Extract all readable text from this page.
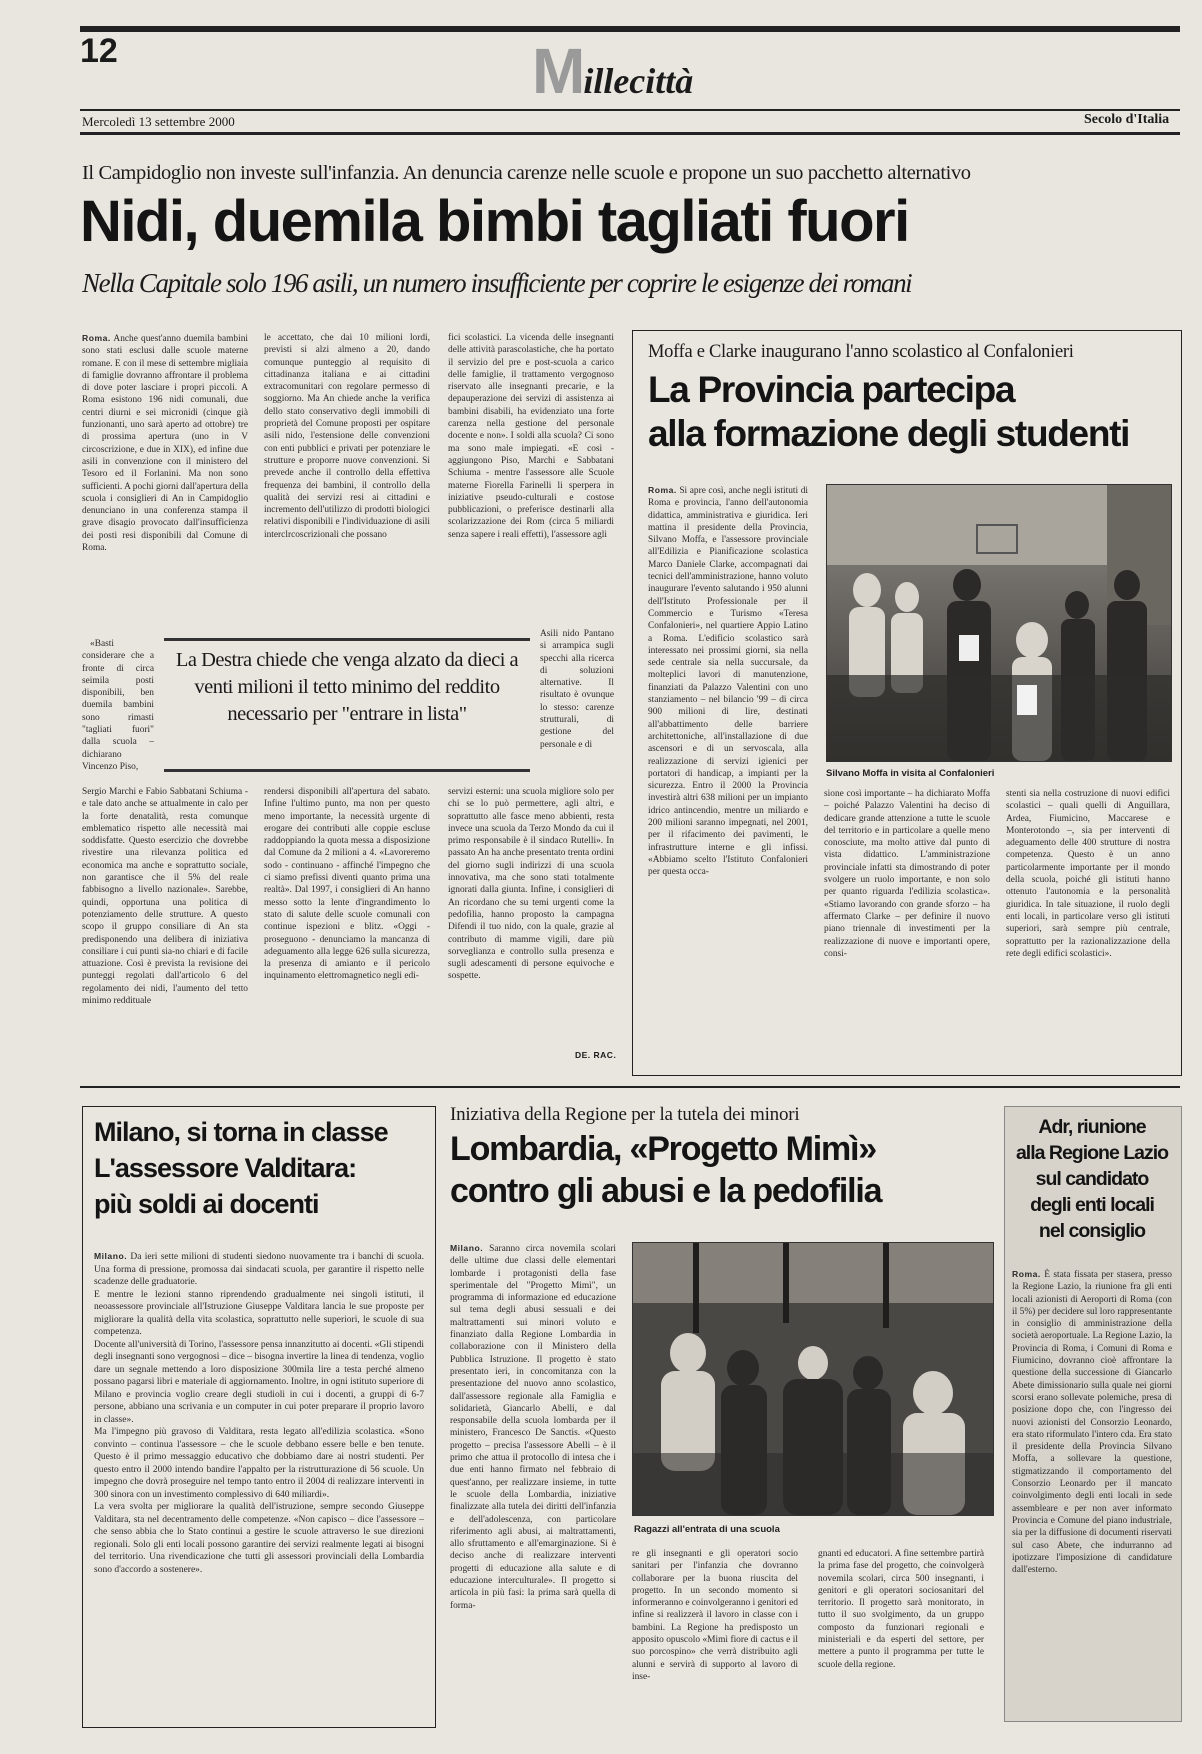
12	Millecittà
Mercoledì 13 settembre 2000	Secolo d'Italia
Il Campidoglio non investe sull'infanzia. An denuncia carenze nelle scuole e propone un suo pacchetto alternativo
Nidi, duemila bimbi tagliati fuori
Nella Capitale solo 196 asili, un numero insufficiente per coprire le esigenze dei romani

Roma. Anche quest'anno duemila bambini sono stati esclusi dalle scuole materne romane. E con il mese di settembre migliaia di famiglie dovranno affrontare il problema di dove poter lasciare i propri piccoli. A Roma esistono 196 nidi comunali, due centri diurni e sei micronidi (cinque già funzionanti, uno sarà aperto ad ottobre) tre di prossima apertura (uno in V circoscrizione, e due in XIX), ed infine due asili in convenzione con il ministero del Tesoro ed il Forlanini. Ma non sono sufficienti. A pochi giorni dall'apertura della scuola i consiglieri di An in Campidoglio denunciano in una conferenza stampa il grave disagio provocato dall'insufficienza dei posti resi disponibili dal Comune di Roma.

«Basti considerare che a fronte di circa seimila posti disponibili, ben duemila bambini sono rimasti "tagliati fuori" dalla scuola – dichiarano Vincenzo Piso,

Sergio Marchi e Fabio Sabbatani Schiuma - e tale dato anche se attualmente in calo per la forte denatalità, resta comunque emblematico rispetto alle necessità mai soddisfatte. Questo esercizio che dovrebbe rivestire una rilevanza politica ed economica ma anche e soprattutto sociale, non garantisce che il 5% del reale fabbisogno a livello nazionale». Sarebbe, quindi, opportuna una politica di potenziamento delle strutture. A questo scopo il gruppo consiliare di An sta predisponendo una delibera di iniziativa consiliare i cui punti sia-no chiari e di facile attuazione. Così è prevista la revisione dei punteggi regolati dall'articolo 6 del regolamento dei nidi, l'aumento del tetto minimo reddituale

le accettato, che dai 10 milioni lordi, previsti si alzi almeno a 20, dando comunque punteggio al requisito di cittadinanza italiana e ai cittadini extracomunitari con regolare permesso di soggiorno. Ma An chiede anche la verifica dello stato conservativo degli immobili di proprietà del Comune proposti per ospitare asili nido, l'estensione delle convenzioni con enti pubblici e privati per potenziare le strutture e proporre nuove convenzioni. Si prevede anche il controllo della effettiva frequenza dei bambini, il controllo della qualità dei servizi resi ai cittadini e incremento dell'utilizzo di prodotti biologici relativi disponibili e l'individuazione di asili interclrcoscrizionali che possano

rendersi disponibili all'apertura del sabato. Infine l'ultimo punto, ma non per questo meno importante, la necessità urgente di erogare dei contributi alle coppie escluse raddoppiando la quota messa a disposizione dal Comune da 2 milioni a 4. «Lavoreremo sodo - continuano - affinché l'impegno che ci siamo prefissi diventi quanto prima una realtà». Dal 1997, i consiglieri di An hanno messo sotto la lente d'ingrandimento lo stato di salute delle scuole comunali con continue ispezioni e blitz. «Oggi - proseguono - denunciamo la mancanza di adeguamento alla legge 626 sulla sicurezza, la presenza di amianto e il pericolo inquinamento elettromagnetico negli edi-

fici scolastici. La vicenda delle insegnanti delle attività parascolastiche, che ha portato il servizio del pre e post-scuola a carico delle famiglie, il trattamento vergognoso riservato alle insegnanti precarie, e la depauperazione dei servizi di assistenza ai bambini disabili, ha evidenziato una forte carenza nella gestione del personale docente e non». I soldi alla scuola? Ci sono ma sono male impiegati. «E così - aggiungono Piso, Marchi e Sabbatani Schiuma - mentre l'assessore alle Scuole materne Fiorella Farinelli li sperpera in iniziative pseudo-culturali e costose pubblicazioni, o preferisce destinarli alla scolarizzazione dei Rom (circa 5 miliardi senza sapere i reali effetti), l'assessore agli

Asili nido Pantano si arrampica sugli specchi alla ricerca di soluzioni alternative. Il risultato è ovunque lo stesso: carenze strutturali, di gestione del personale e di

servizi esterni: una scuola migliore solo per chi se lo può permettere, agli altri, e soprattutto alle fasce meno abbienti, resta invece una scuola da Terzo Mondo da cui il primo responsabile è il sindaco Rutelli». In passato An ha anche presentato trenta ordini del giorno sugli indirizzi di una scuola innovativa, ma che sono stati totalmente ignorati dalla giunta. Infine, i consiglieri di An ricordano che su temi urgenti come la pedofilia, hanno proposto la campagna Difendi il tuo nido, con la quale, grazie al contributo di mamme vigili, dare più sorveglianza e controllo sulla presenza e sugli adescamenti di persone equivoche e sospette.

DE. RAC.
La Destra chiede che venga alzato da dieci a venti milioni il tetto minimo del reddito necessario per "entrare in lista"
Moffa e Clarke inaugurano l'anno scolastico al Confalonieri
La Provincia partecipa
alla formazione degli studenti

Roma. Si apre così, anche negli istituti di Roma e provincia, l'anno dell'autonomia didattica, amministrativa e giuridica. Ieri mattina il presidente della Provincia, Silvano Moffa, e l'assessore provinciale all'Edilizia e Pianificazione scolastica Marco Daniele Clarke, accompagnati dai tecnici dell'amministrazione, hanno voluto inaugurare l'evento salutando i 950 alunni dell'Istituto Professionale per il Commercio e Turismo «Teresa Confalonieri», nel quartiere Appio Latino a Roma. L'edificio scolastico sarà interessato nei prossimi giorni, sia nella sede centrale sia nella succursale, da molteplici lavori di manutenzione, finanziati da Palazzo Valentini con uno stanziamento – nel bilancio '99 – di circa 900 milioni di lire, destinati all'abbattimento delle barriere architettoniche, all'installazione di due ascensori e di un servoscala, alla realizzazione di servizi igienici per portatori di handicap, a impianti per la sicurezza. Entro il 2000 la Provincia investirà altri 638 milioni per un impianto idrico antincendio, mentre un miliardo e 200 milioni saranno impegnati, nel 2001, per il rifacimento dei pavimenti, le infrastrutture interne e gli infissi. «Abbiamo scelto l'Istituto Confalonieri per questa occa-

sione così importante – ha dichiarato Moffa – poiché Palazzo Valentini ha deciso di dedicare grande attenzione a tutte le scuole del territorio e in particolare a quelle meno conosciute, ma molto attive dal punto di vista didattico. L'amministrazione provinciale infatti sta dimostrando di poter svolgere un ruolo importante, e non solo per quanto riguarda l'edilizia scolastica». «Stiamo lavorando con grande sforzo – ha affermato Clarke – per definire il nuovo piano triennale di investimenti per la realizzazione di nuove e importanti opere, consi-

stenti sia nella costruzione di nuovi edifici scolastici – quali quelli di Anguillara, Ardea, Fiumicino, Maccarese e Monterotondo –, sia per interventi di adeguamento delle 400 strutture di nostra competenza. Questo è un anno particolarmente importante per il mondo della scuola, poiché gli istituti hanno ottenuto l'autonomia e la personalità giuridica. In tale situazione, il ruolo degli enti locali, in particolare verso gli istituti superiori, sarà sempre più centrale, soprattutto per la razionalizzazione della rete degli edifici scolastici».

Silvano Moffa in visita al Confalonieri
Milano, si torna in classe
L'assessore Valditara:
più soldi ai docenti

Milano. Da ieri sette milioni di studenti siedono nuovamente tra i banchi di scuola. Una forma di pressione, promossa dai sindacati scuola, per garantire il rispetto nelle scadenze delle graduatorie.
E mentre le lezioni stanno riprendendo gradualmente nei singoli istituti, il neoassessore provinciale all'Istruzione Giuseppe Valditara lancia le sue proposte per migliorare la qualità della vita scolastica, soprattutto nelle superiori, le scuole di sua competenza.
Docente all'università di Torino, l'assessore pensa innanzitutto ai docenti. «Gli stipendi degli insegnanti sono vergognosi – dice – bisogna invertire la linea di tendenza, voglio dare un segnale mettendo a loro disposizione 300mila lire a testa perché almeno possano pagarsi libri e materiale di aggiornamento. Inoltre, in ogni istituto superiore di Milano e provincia voglio creare degli studioli in cui i docenti, a gruppi di 6-7 persone, abbiano una scrivania e un computer in cui poter preparare il proprio lavoro in classe».
Ma l'impegno più gravoso di Valditara, resta legato all'edilizia scolastica. «Sono convinto – continua l'assessore – che le scuole debbano essere belle e ben tenute. Questo è il primo messaggio educativo che dobbiamo dare ai nostri studenti. Per questo entro il 2000 intendo bandire l'appalto per la ristrutturazione di 56 scuole. Un impegno che dovrà proseguire nel tempo tanto entro il 2004 di realizzare interventi in 300 sinora con un investimento complessivo di 640 miliardi».
La vera svolta per migliorare la qualità dell'istruzione, sempre secondo Giuseppe Valditara, sta nel decentramento delle competenze. «Non capisco – dice l'assessore – che senso abbia che lo Stato continui a gestire le scuole attraverso le sue direzioni regionali. Solo gli enti locali possono garantire dei servizi realmente legati ai bisogni del territorio. Una rivendicazione che tutti gli assessori provinciali della Lombardia sono d'accordo a sostenere».

Iniziativa della Regione per la tutela dei minori
Lombardia, «Progetto Mimì»
contro gli abusi e la pedofilia

Milano. Saranno circa novemila scolari delle ultime due classi delle elementari lombarde i protagonisti della fase sperimentale del "Progetto Mimì", un programma di informazione ed educazione sul tema degli abusi sessuali e dei maltrattamenti sui minori voluto e finanziato dalla Regione Lombardia in collaborazione con il Ministero della Pubblica Istruzione. Il progetto è stato presentato ieri, in concomitanza con la presentazione del nuovo anno scolastico, dall'assessore regionale alla Famiglia e solidarietà, Giancarlo Abelli, e dal responsabile della scuola lombarda per il ministero, Francesco De Sanctis. «Questo progetto – precisa l'assessore Abelli – è il primo che attua il protocollo di intesa che i due enti hanno firmato nel febbraio di quest'anno, per realizzare insieme, in tutte le scuole della Lombardia, iniziative finalizzate alla tutela dei diritti dell'infanzia e dell'adolescenza, con particolare riferimento agli abusi, ai maltrattamenti, allo sfruttamento e all'emarginazione. Si è deciso anche di realizzare interventi progetti di educazione alla salute e di educazione interculturale». Il progetto si articola in più fasi: la prima sarà quella di forma-

re gli insegnanti e gli operatori socio sanitari per l'infanzia che dovranno collaborare per la buona riuscita del progetto. In un secondo momento si informeranno e coinvolgeranno i genitori ed infine si realizzerà il lavoro in classe con i bambini. La Regione ha predisposto un apposito opuscolo «Mimì fiore di cactus e il suo porcospino» che verrà distribuito agli alunni e servirà di supporto al lavoro di inse-

gnanti ed educatori. A fine settembre partirà la prima fase del progetto, che coinvolgerà novemila scolari, circa 500 insegnanti, i genitori e gli operatori sociosanitari del territorio. Il progetto sarà monitorato, in tutto il suo svolgimento, da un gruppo composto da funzionari regionali e ministeriali e da esperti del settore, per mettere a punto il programma per tutte le scuole della regione.

Ragazzi all'entrata di una scuola
Adr, riunione
alla Regione Lazio
sul candidato
degli enti locali
nel consiglio

Roma. È stata fissata per stasera, presso la Regione Lazio, la riunione fra gli enti locali azionisti di Aeroporti di Roma (con il 5%) per decidere sul loro rappresentante in consiglio di amministrazione della società aeroportuale. La Regione Lazio, la Provincia di Roma, i Comuni di Roma e Fiumicino, dovranno cioè affrontare la questione della successione di Giancarlo Abete dimissionario sulla quale nei giorni scorsi erano sollevate polemiche, presa di posizione dopo che, con l'ingresso dei nuovi azionisti del Consorzio Leonardo, era stato riformulato l'intero cda. Era stato il presidente della Provincia Silvano Moffa, a sollevare la questione, stigmatizzando il comportamento del Consorzio Leonardo per il mancato coinvolgimento degli enti locali in sede assembleare e per non aver informato Provincia e Comune del piano industriale, sia per la diffusione di documenti riservati sul caso Abete, che indurranno ad ipotizzare l'imposizione di candidature dall'esterno.
